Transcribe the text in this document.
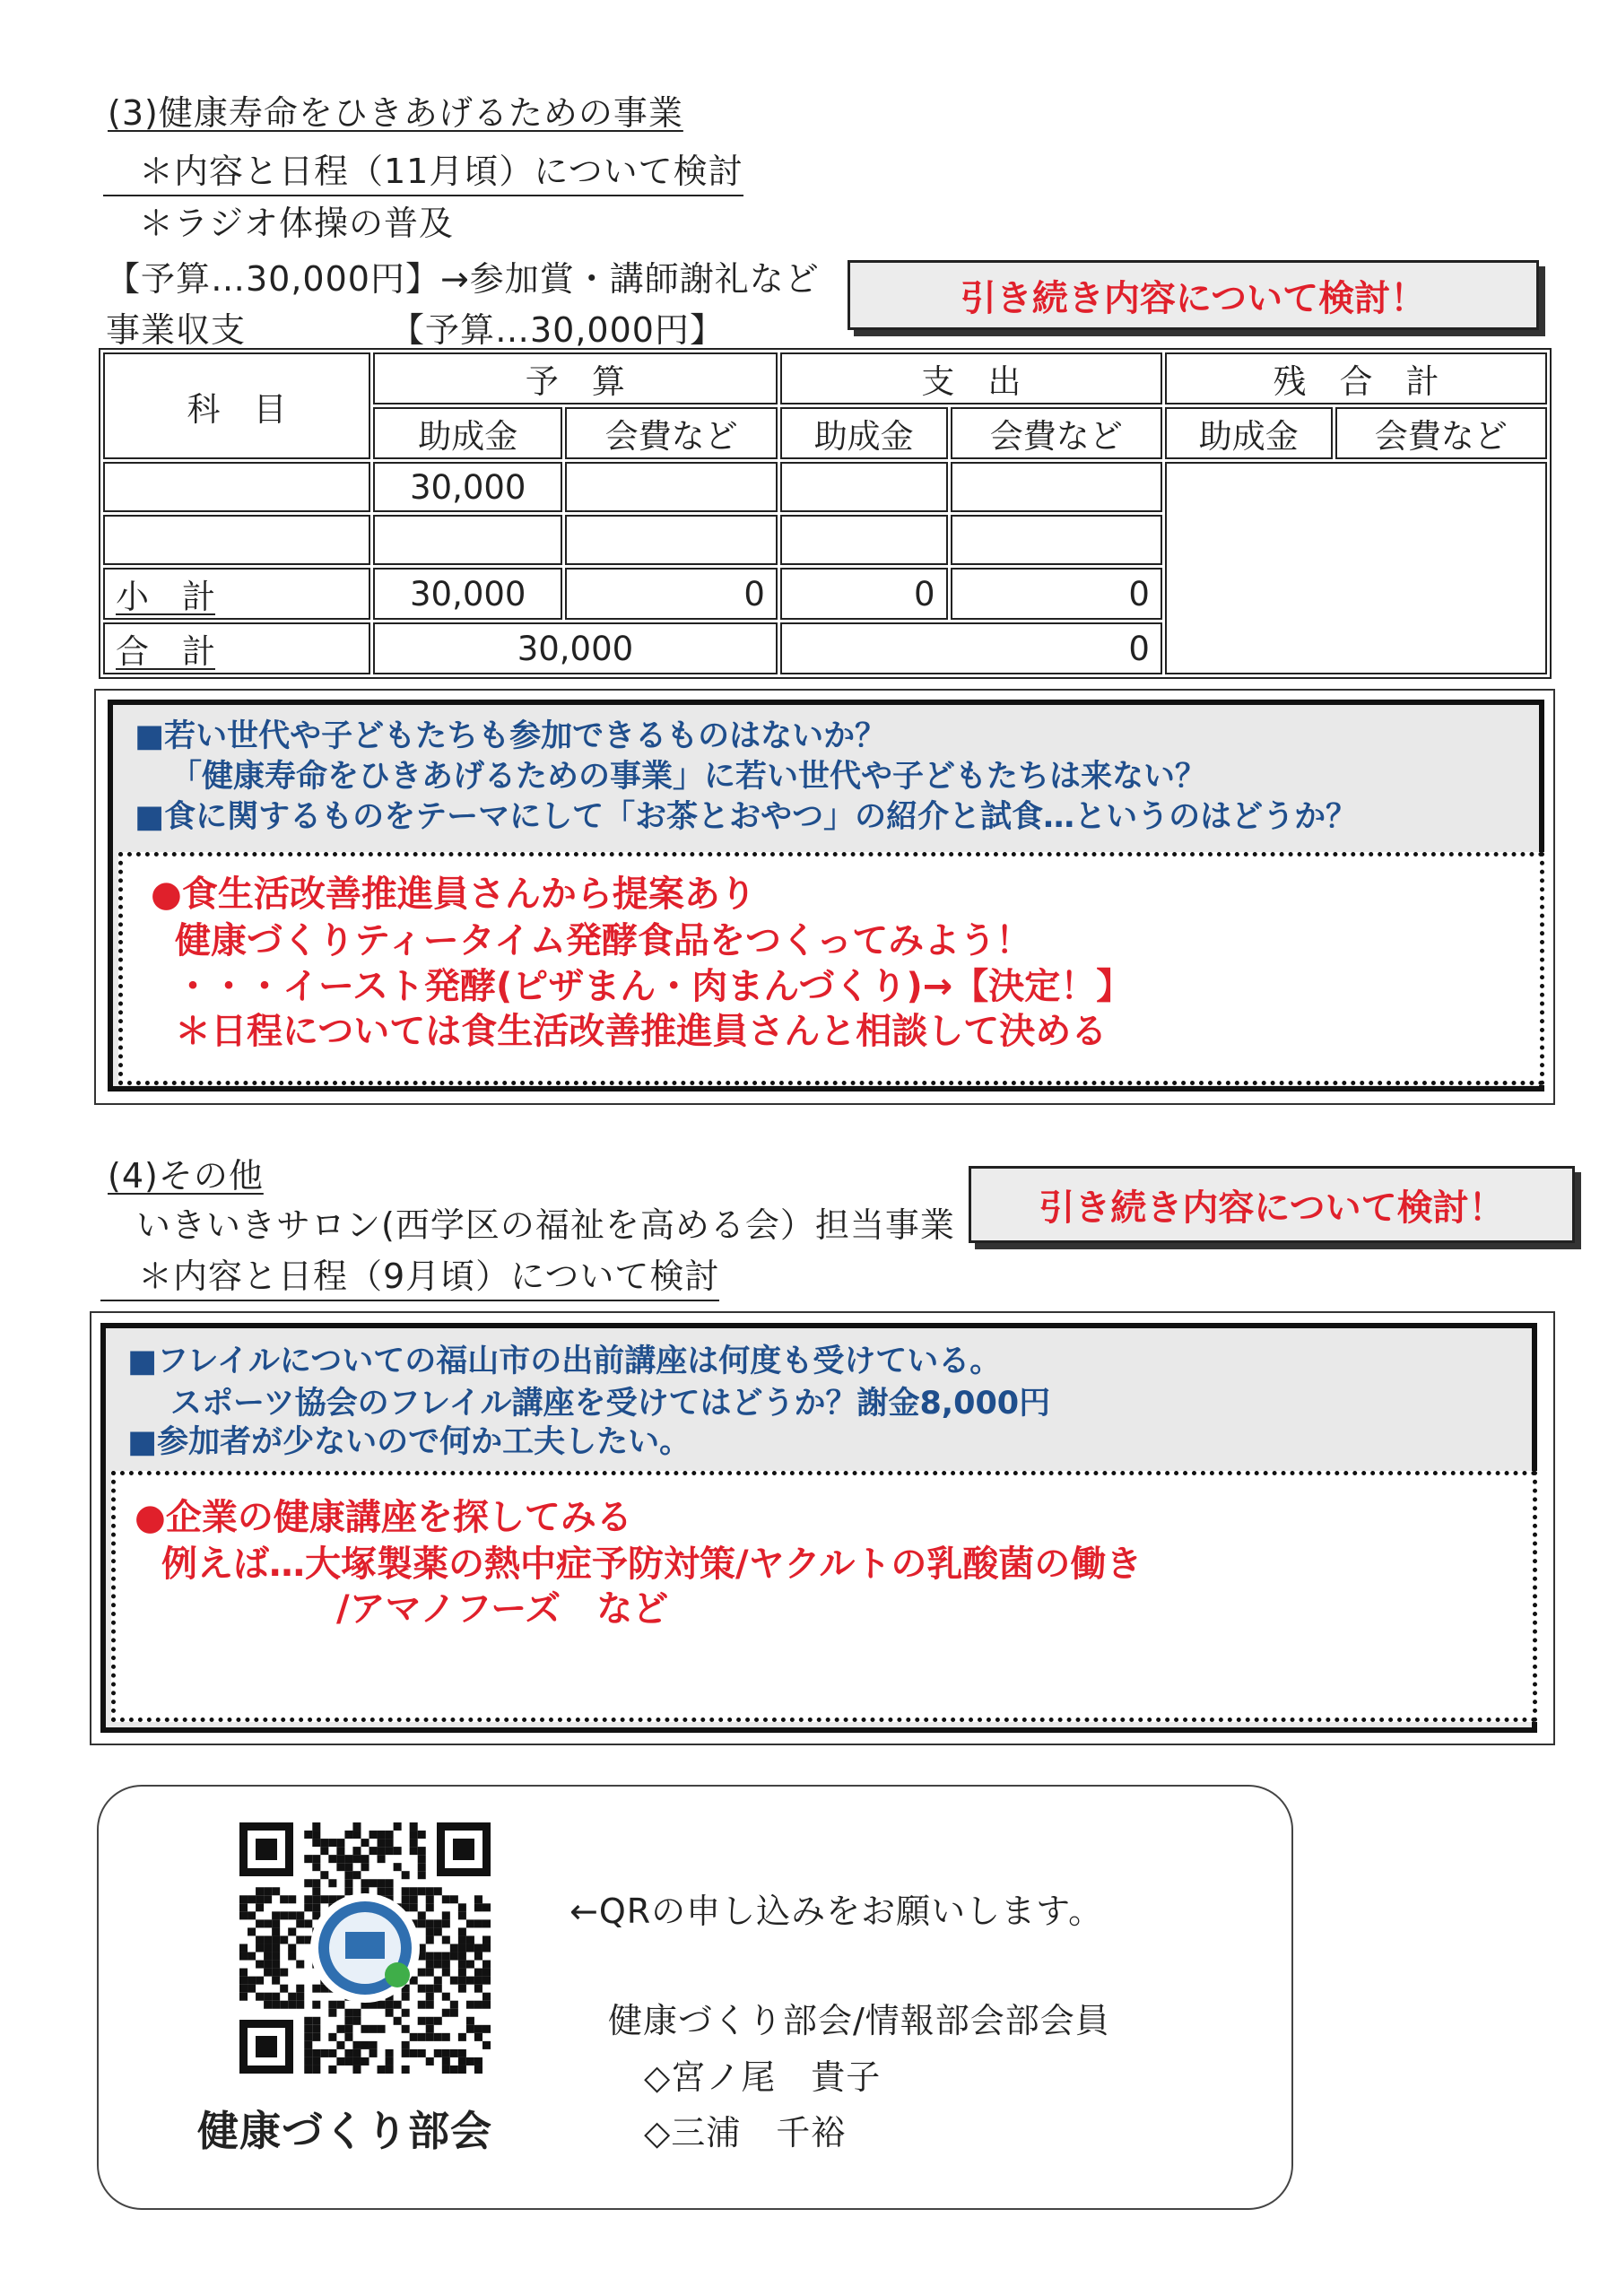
(3)健康寿命をひきあげるための事業
＊内容と日程（11月頃）について検討
＊ラジオ体操の普及
【予算…30,000円】→参加賞・講師謝礼など
事業収支	【予算…30,000円】
引き続き内容について検討！
科　目	予　算		支　出		残　合　計	
	助成金	会費など	助成金	会費など	助成金	会費など
	30,000					

小　計	30,000	0	0	0		
合　計	30,000		0			
■若い世代や子どもたちも参加できるものはないか？
「健康寿命をひきあげるための事業」に若い世代や子どもたちは来ない？
■食に関するものをテーマにして「お茶とおやつ」の紹介と試食…というのはどうか？
●食生活改善推進員さんから提案あり
健康づくりティータイム発酵食品をつくってみよう！
・・・イースト発酵(ピザまん・肉まんづくり)→【決定！】
＊日程については食生活改善推進員さんと相談して決める
(4)その他
いきいきサロン(西学区の福祉を高める会）担当事業
＊内容と日程（9月頃）について検討
引き続き内容について検討！
■フレイルについての福山市の出前講座は何度も受けている。
スポーツ協会のフレイル講座を受けてはどうか？謝金8,000円
■参加者が少ないので何か工夫したい。
●企業の健康講座を探してみる
例えば…大塚製薬の熱中症予防対策/ヤクルトの乳酸菌の働き
/アマノフーズ　など
健康づくり部会
←QRの申し込みをお願いします。
健康づくり部会/情報部会部会員
◇宮ノ尾　貴子
◇三浦　千裕
